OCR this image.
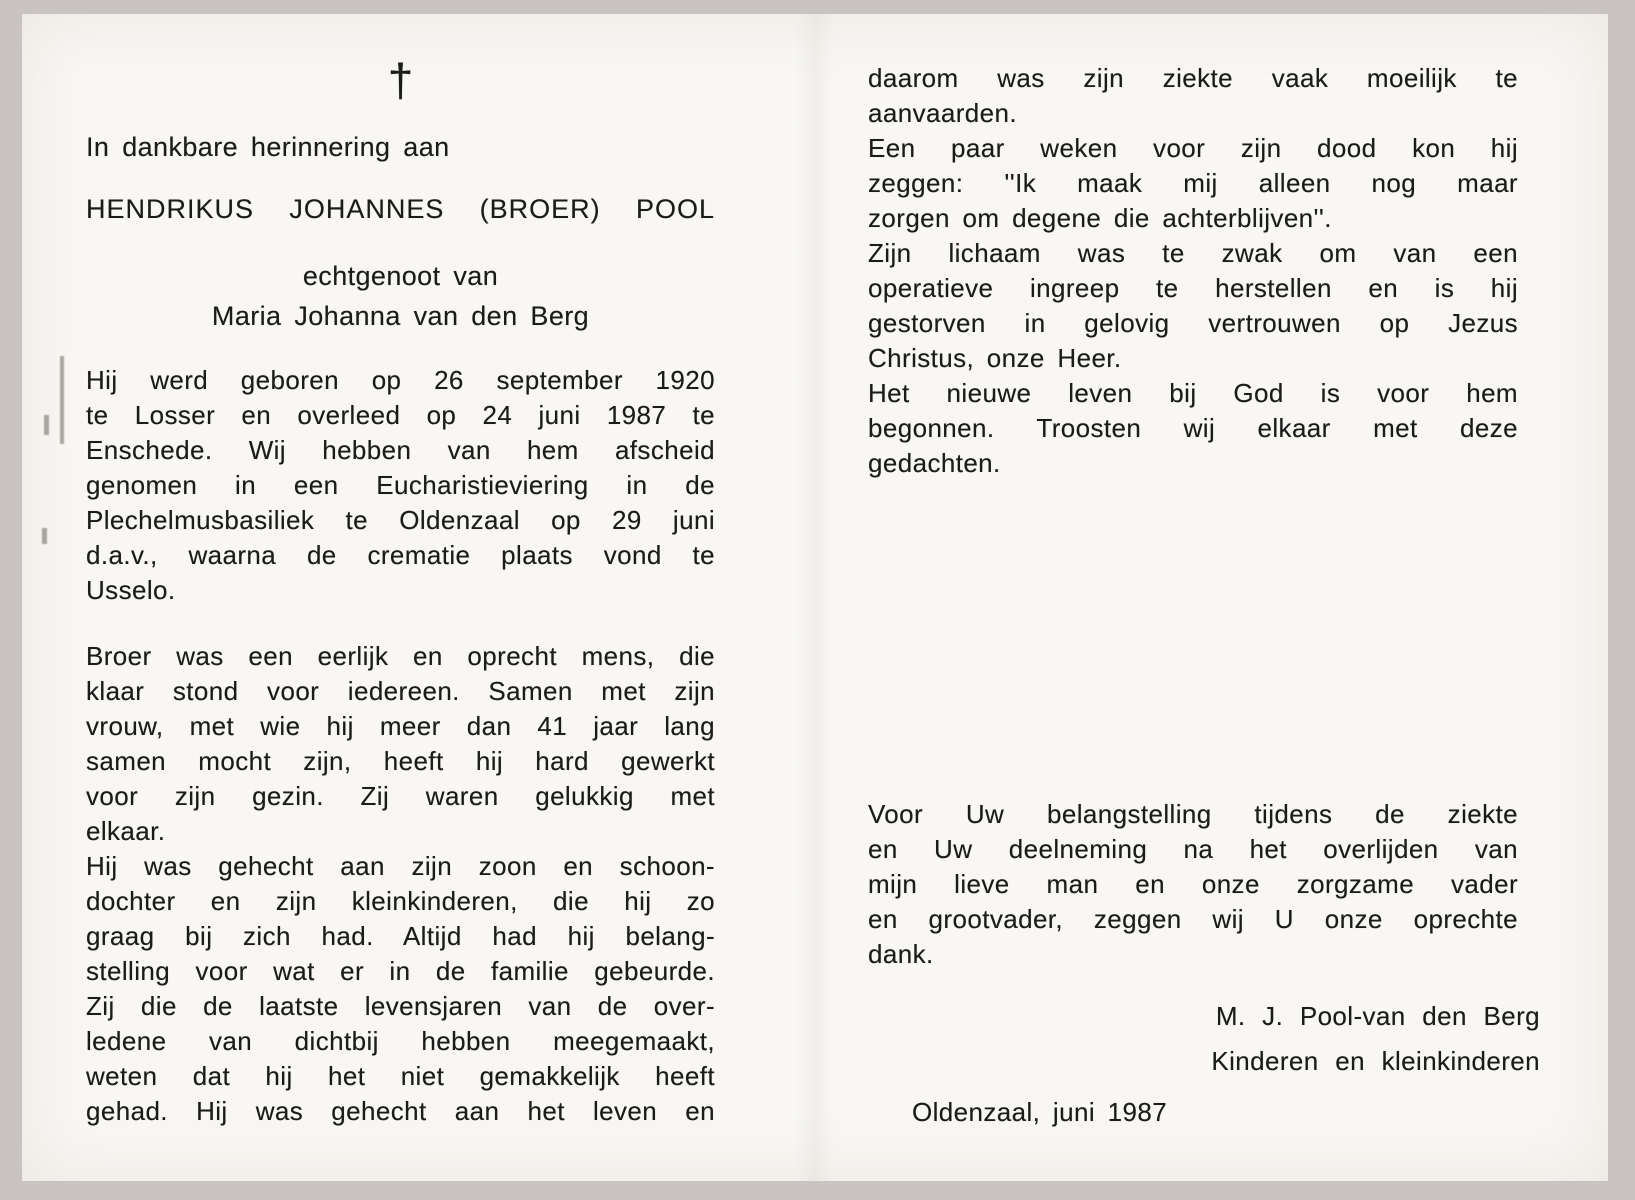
†
In dankbare herinnering aan
HENDRIKUS JOHANNES (BROER) POOL
echtgenoot van
Maria Johanna van den Berg
Hij werd geboren op 26 september 1920
te Losser en overleed op 24 juni 1987 te
Enschede. Wij hebben van hem afscheid
genomen in een Eucharistieviering in de
Plechelmusbasiliek te Oldenzaal op 29 juni
d.a.v., waarna de crematie plaats vond te
Usselo.
Broer was een eerlijk en oprecht mens, die
klaar stond voor iedereen. Samen met zijn
vrouw, met wie hij meer dan 41 jaar lang
samen mocht zijn, heeft hij hard gewerkt
voor zijn gezin. Zij waren gelukkig met
elkaar.
Hij was gehecht aan zijn zoon en schoon-
dochter en zijn kleinkinderen, die hij zo
graag bij zich had. Altijd had hij belang-
stelling voor wat er in de familie gebeurde.
Zij die de laatste levensjaren van de over-
ledene van dichtbij hebben meegemaakt,
weten dat hij het niet gemakkelijk heeft
gehad. Hij was gehecht aan het leven en
daarom was zijn ziekte vaak moeilijk te
aanvaarden.
Een paar weken voor zijn dood kon hij
zeggen: ''Ik maak mij alleen nog maar
zorgen om degene die achterblijven''.
Zijn lichaam was te zwak om van een
operatieve ingreep te herstellen en is hij
gestorven in gelovig vertrouwen op Jezus
Christus, onze Heer.
Het nieuwe leven bij God is voor hem
begonnen. Troosten wij elkaar met deze
gedachten.
Voor Uw belangstelling tijdens de ziekte
en Uw deelneming na het overlijden van
mijn lieve man en onze zorgzame vader
en grootvader, zeggen wij U onze oprechte
dank.
M. J. Pool-van den Berg
Kinderen en kleinkinderen
Oldenzaal, juni 1987
